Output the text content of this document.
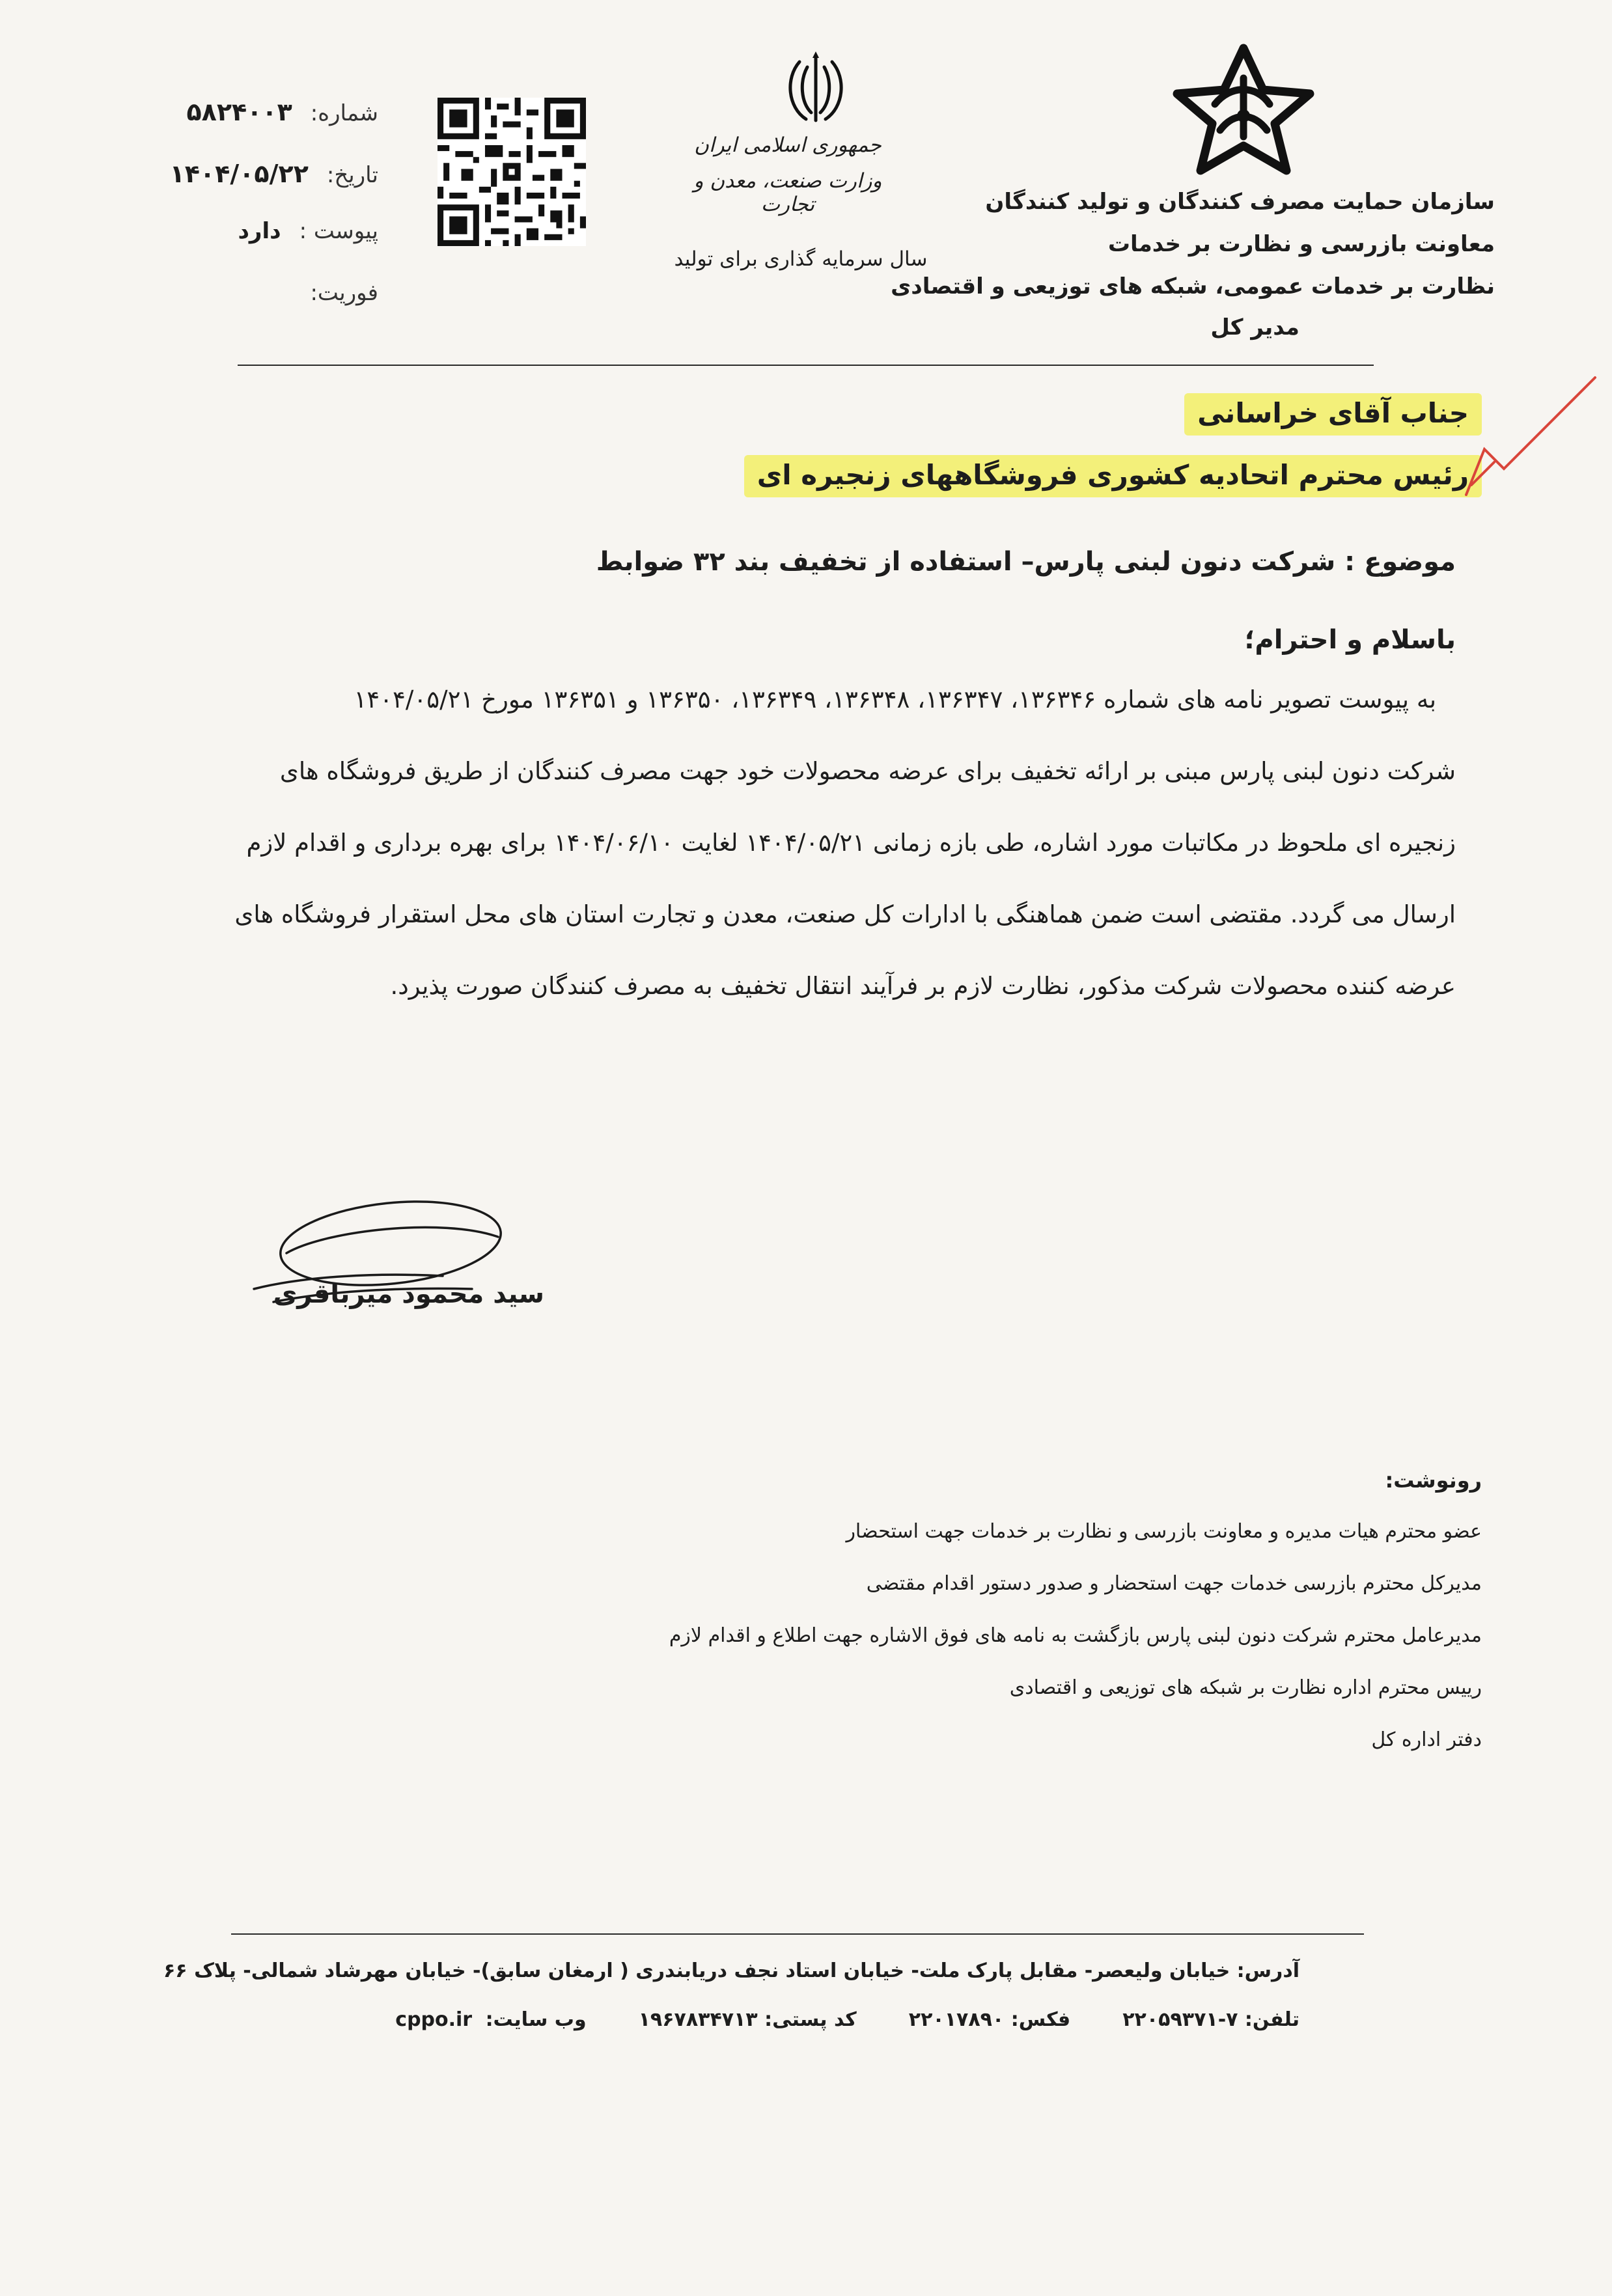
شماره:
۵۸۲۴۰۰۳
تاریخ:
۱۴۰۴/۰۵/۲۲
پیوست :
دارد
فوریت:
جمهوری اسلامی ایران
وزارت صنعت، معدن و تجارت
سال سرمایه گذاری برای تولید
سازمان حمایت مصرف کنندگان و تولید کنندگان
معاونت بازرسی و نظارت بر خدمات
نظارت بر خدمات عمومی، شبکه های توزیعی و اقتصادی
مدیر کل
جناب آقای خراسانی
رئیس محترم اتحادیه کشوری فروشگاههای زنجیره ای
موضوع : شرکت دنون لبنی پارس– استفاده از تخفیف بند ۳۲ ضوابط
باسلام و احترام؛
به پیوست تصویر نامه های شماره ۱۳۶۳۴۶، ۱۳۶۳۴۷، ۱۳۶۳۴۸، ۱۳۶۳۴۹، ۱۳۶۳۵۰ و ۱۳۶۳۵۱ مورخ ۱۴۰۴/۰۵/۲۱
شرکت دنون لبنی پارس مبنی بر ارائه تخفیف برای عرضه محصولات خود جهت مصرف کنندگان از طریق فروشگاه های
زنجیره ای ملحوظ در مکاتبات مورد اشاره، طی بازه زمانی ۱۴۰۴/۰۵/۲۱ لغایت ۱۴۰۴/۰۶/۱۰ برای بهره برداری و اقدام لازم
ارسال می گردد. مقتضی است ضمن هماهنگی با ادارات کل صنعت، معدن و تجارت استان های محل استقرار فروشگاه های
عرضه کننده محصولات شرکت مذکور، نظارت لازم بر فرآیند انتقال تخفیف به مصرف کنندگان صورت پذیرد.
سید محمود میرباقری
رونوشت:
عضو محترم هیات مدیره و معاونت بازرسی و نظارت بر خدمات جهت استحضار
مدیرکل محترم بازرسی خدمات جهت استحضار و صدور دستور اقدام مقتضی
مدیرعامل محترم شرکت دنون لبنی پارس بازگشت به نامه های فوق الاشاره جهت اطلاع و اقدام لازم
رییس محترم اداره نظارت بر شبکه های توزیعی و اقتصادی
دفتر اداره کل
آدرس: خیابان ولیعصر- مقابل پارک ملت- خیابان استاد نجف دریابندری ( ارمغان سابق)- خیابان مهرشاد شمالی- پلاک ۶۶
تلفن: ۷-۲۲۰۵۹۳۷۱
فکس: ۲۲۰۱۷۸۹۰
کد پستی: ۱۹۶۷۸۳۴۷۱۳
وب سایت: cppo.ir
